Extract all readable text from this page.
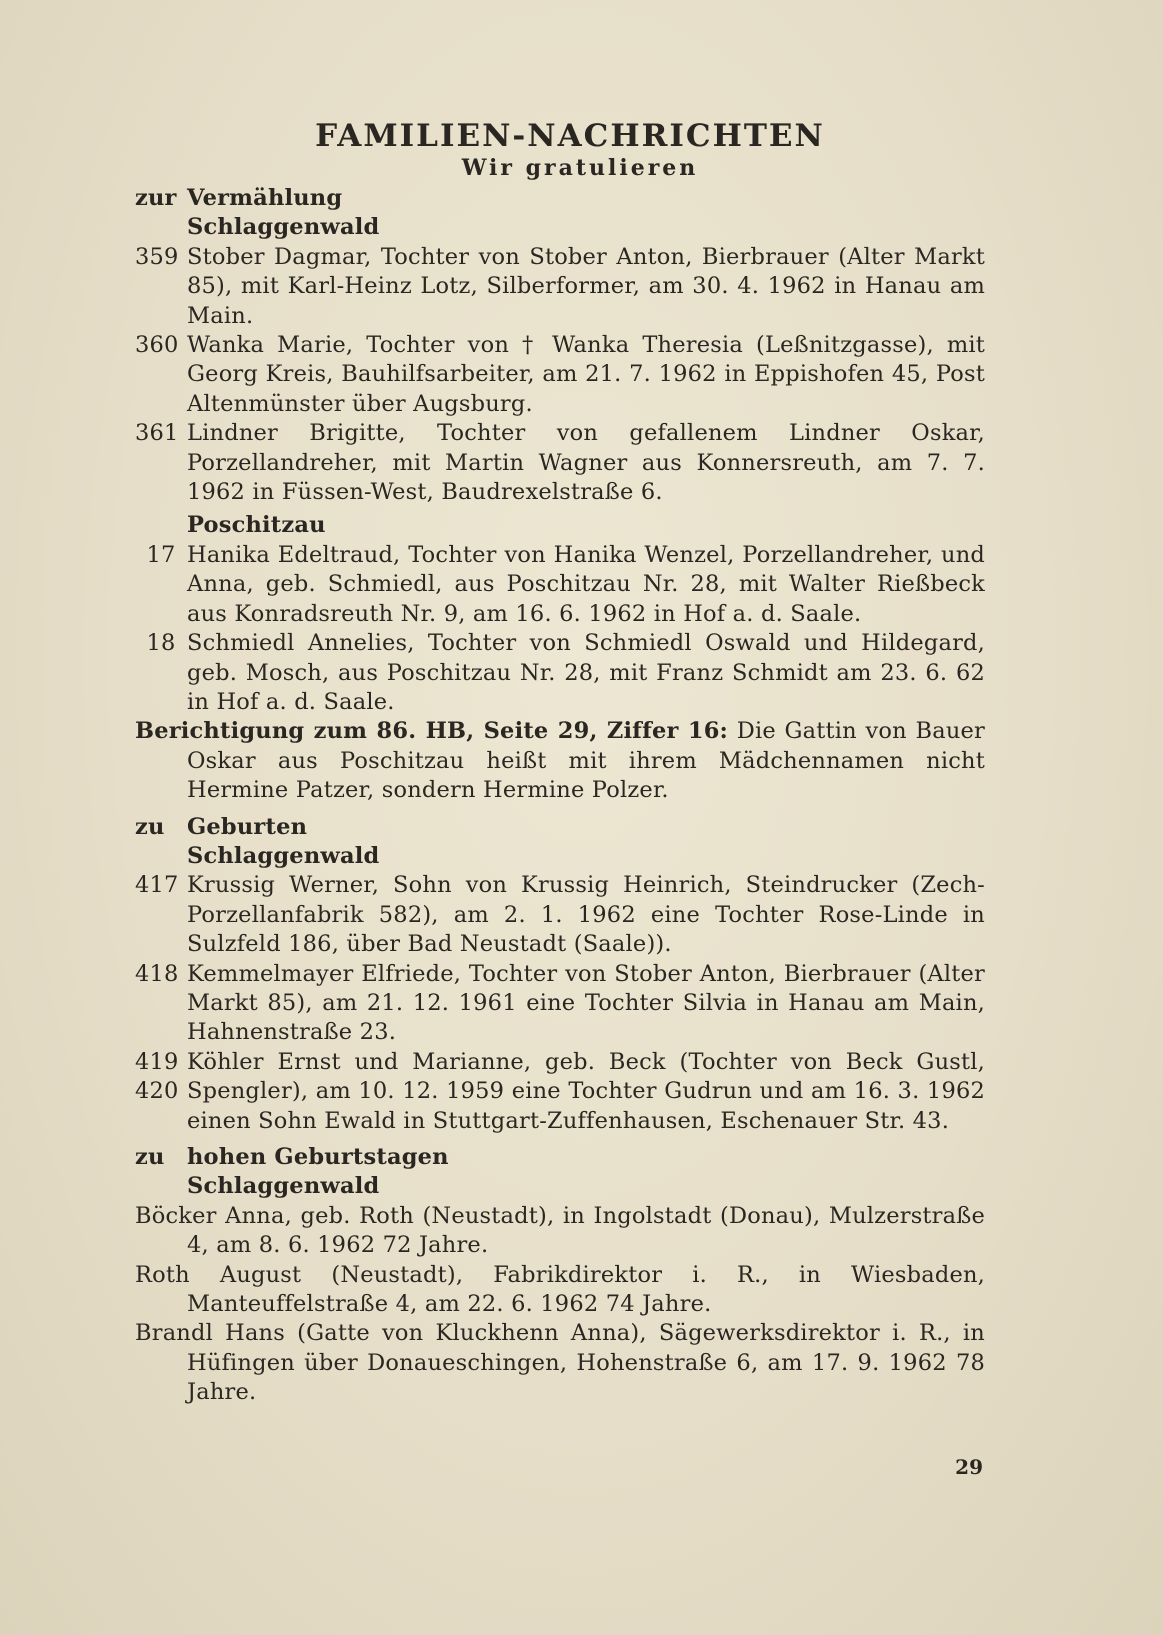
FAMILIEN-NACHRICHTEN
Wir gratulieren
zur Vermählung
Schlaggenwald
359 Stober Dagmar, Tochter von Stober Anton, Bierbrauer (Alter Markt 85), mit Karl-Heinz Lotz, Silberformer, am 30. 4. 1962 in Hanau am Main.
360 Wanka Marie, Tochter von † Wanka Theresia (Leßnitzgasse), mit Georg Kreis, Bauhilfsarbeiter, am 21. 7. 1962 in Eppishofen 45, Post Altenmünster über Augsburg.
361 Lindner Brigitte, Tochter von gefallenem Lindner Oskar, Porzellandreher, mit Martin Wagner aus Konnersreuth, am 7. 7. 1962 in Füssen-West, Baudrexelstraße 6.
Poschitzau
17 Hanika Edeltraud, Tochter von Hanika Wenzel, Porzellandreher, und Anna, geb. Schmiedl, aus Poschitzau Nr. 28, mit Walter Rießbeck aus Konradsreuth Nr. 9, am 16. 6. 1962 in Hof a. d. Saale.
18 Schmiedl Annelies, Tochter von Schmiedl Oswald und Hildegard, geb. Mosch, aus Poschitzau Nr. 28, mit Franz Schmidt am 23. 6. 62 in Hof a. d. Saale.
Berichtigung zum 86. HB, Seite 29, Ziffer 16: Die Gattin von Bauer Oskar aus Poschitzau heißt mit ihrem Mädchennamen nicht Hermine Patzer, sondern Hermine Polzer.
zu Geburten
Schlaggenwald
417 Krussig Werner, Sohn von Krussig Heinrich, Steindrucker (Zech-Porzellanfabrik 582), am 2. 1. 1962 eine Tochter Rose-Linde in Sulzfeld 186, über Bad Neustadt (Saale)).
418 Kemmelmayer Elfriede, Tochter von Stober Anton, Bierbrauer (Alter Markt 85), am 21. 12. 1961 eine Tochter Silvia in Hanau am Main, Hahnenstraße 23.
419
420
Köhler Ernst und Marianne, geb. Beck (Tochter von Beck Gustl, Spengler), am 10. 12. 1959 eine Tochter Gudrun und am 16. 3. 1962 einen Sohn Ewald in Stuttgart-Zuffenhausen, Eschenauer Str. 43.
zu hohen Geburtstagen
Schlaggenwald
Böcker Anna, geb. Roth (Neustadt), in Ingolstadt (Donau), Mulzerstraße 4, am 8. 6. 1962 72 Jahre.
Roth August (Neustadt), Fabrikdirektor i. R., in Wiesbaden, Manteuffelstraße 4, am 22. 6. 1962 74 Jahre.
Brandl Hans (Gatte von Kluckhenn Anna), Sägewerksdirektor i. R., in Hüfingen über Donaueschingen, Hohenstraße 6, am 17. 9. 1962 78 Jahre.
29
